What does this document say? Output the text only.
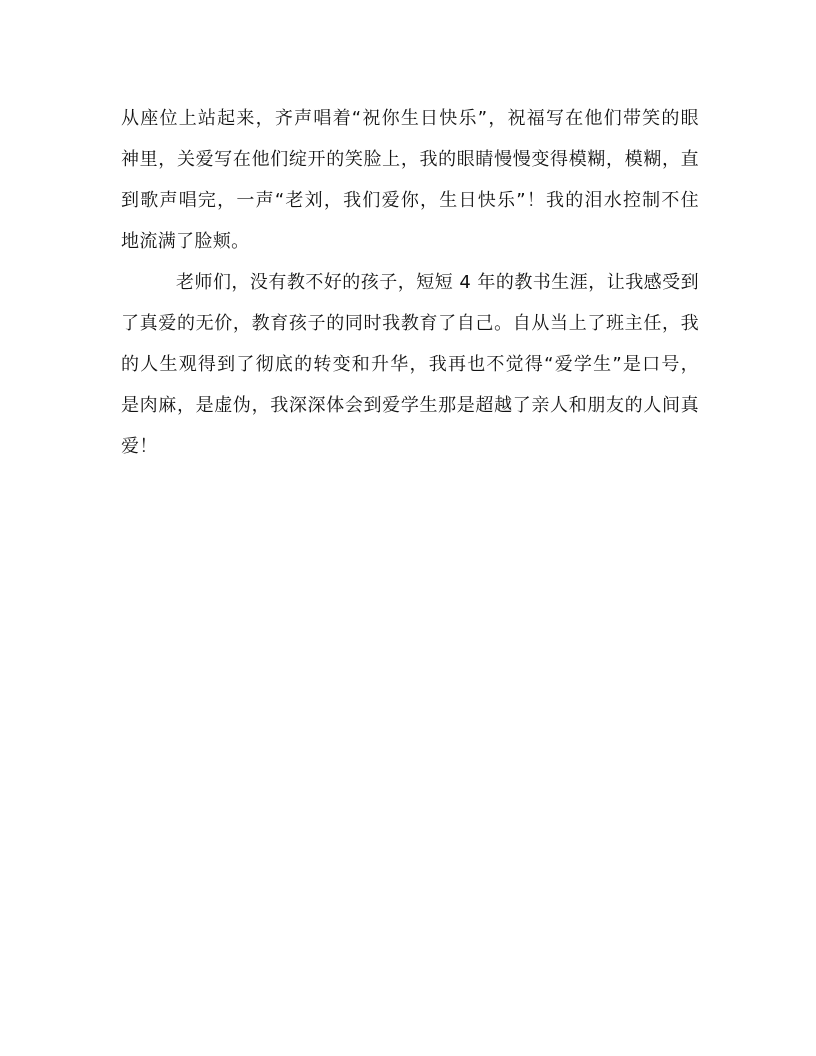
从座位上站起来，齐声唱着“祝你生日快乐”，祝福写在他们带笑的眼

神里，关爱写在他们绽开的笑脸上，我的眼睛慢慢变得模糊，模糊，直

到歌声唱完，一声“老刘，我们爱你，生日快乐”！我的泪水控制不住

地流满了脸颊。

老师们，没有教不好的孩子，短短 4 年的教书生涯，让我感受到

了真爱的无价，教育孩子的同时我教育了自己。自从当上了班主任，我

的人生观得到了彻底的转变和升华，我再也不觉得“爱学生”是口号，

是肉麻，是虚伪，我深深体会到爱学生那是超越了亲人和朋友的人间真

爱！
